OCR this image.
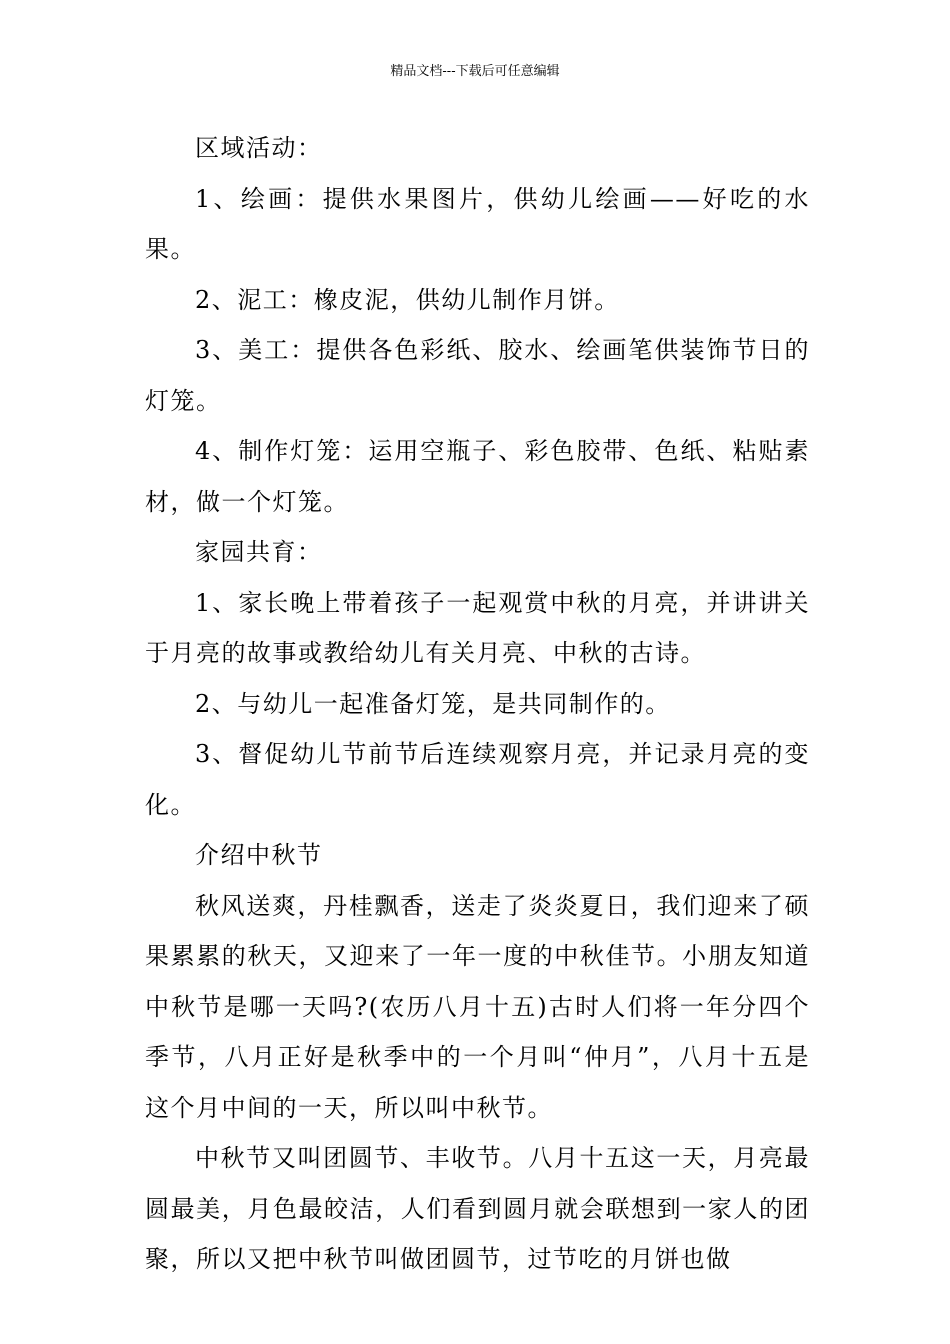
精品文档---下载后可任意编辑

区域活动：

1、绘画：提供水果图片，供幼儿绘画——好吃的水果。

2、泥工：橡皮泥，供幼儿制作月饼。

3、美工：提供各色彩纸、胶水、绘画笔供装饰节日的灯笼。

4、制作灯笼：运用空瓶子、彩色胶带、色纸、粘贴素材，做一个灯笼。

家园共育：

1、家长晚上带着孩子一起观赏中秋的月亮，并讲讲关于月亮的故事或教给幼儿有关月亮、中秋的古诗。

2、与幼儿一起准备灯笼，是共同制作的。

3、督促幼儿节前节后连续观察月亮，并记录月亮的变化。

介绍中秋节

秋风送爽，丹桂飘香，送走了炎炎夏日，我们迎来了硕果累累的秋天，又迎来了一年一度的中秋佳节。小朋友知道中秋节是哪一天吗?(农历八月十五)古时人们将一年分四个季节，八月正好是秋季中的一个月叫“仲月”，八月十五是这个月中间的一天，所以叫中秋节。

中秋节又叫团圆节、丰收节。八月十五这一天，月亮最圆最美，月色最皎洁，人们看到圆月就会联想到一家人的团聚，所以又把中秋节叫做团圆节，过节吃的月饼也做
